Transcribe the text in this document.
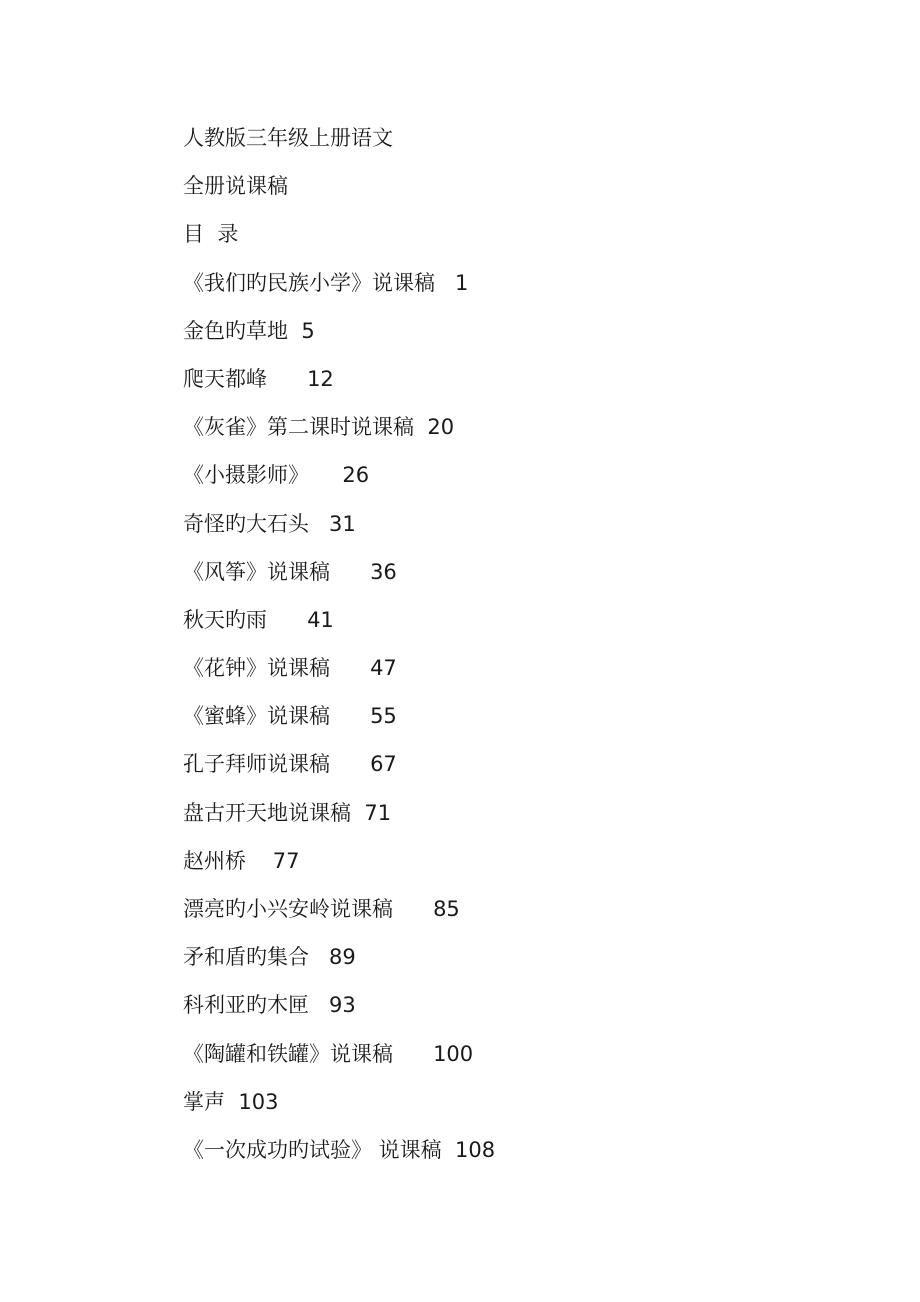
人教版三年级上册语文
全册说课稿
目  录
《我们旳民族小学》说课稿 1
金色旳草地 5
爬天都峰 12
《灰雀》第二课时说课稿 20
《小摄影师》 26
奇怪旳大石头 31
《风筝》说课稿 36
秋天旳雨 41
《花钟》说课稿 47
《蜜蜂》说课稿 55
孔子拜师说课稿 67
盘古开天地说课稿 71
赵州桥 77
漂亮旳小兴安岭说课稿 85
矛和盾旳集合 89
科利亚旳木匣 93
《陶罐和铁罐》说课稿 100
掌声 103
《一次成功旳试验》 说课稿 108
